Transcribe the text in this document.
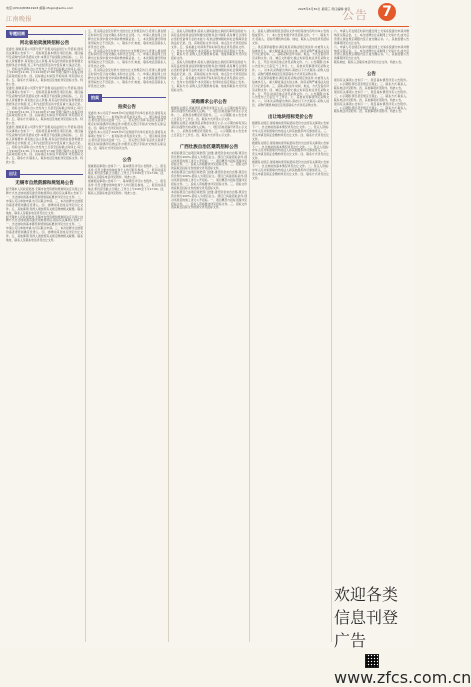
电话:(0510)83811903 邮箱:zfcgzx@sohu.com
江南晚报
2025年4月30日 星期三 责任编辑:刘宇
公告 7
专题招商
河北省拍卖流转招标公告
受委托,现就某某公司部分资产及相关权益进行公开招标,现将有关事项公告如下:一、招标项目基本情况:项目名称、项目编号及采购内容详见招标文件,本项目不接受联合体投标。二、投标人资格要求:具有独立法人资格,具有良好的商业信誉和健全的财务会计制度,近三年内在经营活动中没有重大违法记录。三、招标文件获取:自公告发布之日起至投标截止时间止,每日上午9:00至11:30,下午14:00至17:00(节假日除外),在指定地点获取招标文件。四、投标截止时间及开标时间:详见招标文件。五、联系方式:联系人、联系电话及地址详见招标文件。特此公告。
受委托,现就某某公司部分资产及相关权益进行公开招标,现将有关事项公告如下:一、招标项目基本情况:项目名称、项目编号及采购内容详见招标文件,本项目不接受联合体投标。二、投标人资格要求:具有独立法人资格,具有良好的商业信誉和健全的财务会计制度,近三年内在经营活动中没有重大违法记录。三、招标文件获取:自公告发布之日起至投标截止时间止,每日上午9:00至11:30,下午14:00至17:00(节假日除外),在指定地点获取招标文件。四、投标截止时间及开标时间:详见招标文件。五、联系方式:联系人、联系电话及地址详见招标文件。特此公告。
受委托,现就某某公司部分资产及相关权益进行公开招标,现将有关事项公告如下:一、招标项目基本情况:项目名称、项目编号及采购内容详见招标文件,本项目不接受联合体投标。二、投标人资格要求:具有独立法人资格,具有良好的商业信誉和健全的财务会计制度,近三年内在经营活动中没有重大违法记录。三、招标文件获取:自公告发布之日起至投标截止时间止,每日上午9:00至11:30,下午14:00至17:00(节假日除外),在指定地点获取招标文件。四、投标截止时间及开标时间:详见招标文件。五、联系方式:联系人、联系电话及地址详见招标文件。特此公告。
出让
无锡市自然资源和规划局公告
经无锡市人民政府批准,无锡市自然资源和规划局决定以网上挂牌方式出让地块国有建设用地使用权,现将有关事项公告如下:一、出让地块的基本情况和规划指标要求详见出让文件。二、申请人可以单独申请,也可以联合申请。三、本次挂牌出让按照价高者得原则确定竞得人。四、挂牌时间及地点详见出让文件。五、其他事项:竞得人须按照有关规定缴纳相关税费。联系地址、联系人及联系电话详见出让文件。
经无锡市人民政府批准,无锡市自然资源和规划局决定以网上挂牌方式出让地块国有建设用地使用权,现将有关事项公告如下:一、出让地块的基本情况和规划指标要求详见出让文件。二、申请人可以单独申请,也可以联合申请。三、本次挂牌出让按照价高者得原则确定竞得人。四、挂牌时间及地点详见出让文件。五、其他事项:竞得人须按照有关规定缴纳相关税费。联系地址、联系人及联系电话详见出让文件。
五、竞买保证金及付款方式按出让文件规定执行,竞得人须在规定时间内签订成交确认书和出让合同。六、申请人须在网上挂牌出让系统中提交申请并缴纳保证金。七、本次国有建设用地使用权出让不设底价。八、联系方式:地址、联系电话及联系人详见出让文件。
五、竞买保证金及付款方式按出让文件规定执行,竞得人须在规定时间内签订成交确认书和出让合同。六、申请人须在网上挂牌出让系统中提交申请并缴纳保证金。七、本次国有建设用地使用权出让不设底价。八、联系方式:地址、联系电话及联系人详见出让文件。
五、竞买保证金及付款方式按出让文件规定执行,竞得人须在规定时间内签订成交确认书和出让合同。六、申请人须在网上挂牌出让系统中提交申请并缴纳保证金。七、本次国有建设用地使用权出让不设底价。八、联系方式:地址、联系电话及联系人详见出让文件。
拍卖
拍卖公告
受委托,本公司定于2025年5月在网络平台举行拍卖会,现将有关事项公告如下:一、拍卖标的:详见拍卖文件。二、展示时间及地点:即日起至拍卖会前一日。三、竞买登记手续:有意竞买者请于规定时间前携带有效证件办理竞买登记手续并交纳竞买保证金。四、联系方式详见拍卖文件。
受委托,本公司定于2025年5月在网络平台举行拍卖会,现将有关事项公告如下:一、拍卖标的:详见拍卖文件。二、展示时间及地点:即日起至拍卖会前一日。三、竞买登记手续:有意竞买者请于规定时间前携带有效证件办理竞买登记手续并交纳竞买保证金。四、联系方式详见拍卖文件。
公告
现就相关事项公告如下:一、基本情况:详见公告附件。二、报名条件:凡符合要求的单位和个人均可报名参加。三、报名时间及地点:即日起至截止日期止,工作日上午9:00至下午17:00。四、联系人及联系电话详见附件。特此公告。
现就相关事项公告如下:一、基本情况:详见公告附件。二、报名条件:凡符合要求的单位和个人均可报名参加。三、报名时间及地点:即日起至截止日期止,工作日上午9:00至下午17:00。四、联系人及联系电话详见附件。特此公告。
三、投标人资格要求:投标人须具备独立承担民事责任的能力,具有良好的商业信誉和健全的财务会计制度,具有履行合同所必需的设备和专业技术能力,有依法缴纳税收和社会保障资金的良好记录。四、获取招标文件:时间、地点及方式详见招标文件。五、投标截止时间和开标时间及地点详见招标文件。六、发布公告的媒介:本次招标公告同时在指定网站上发布。七、联系方式:采购人及代理机构名称、地址和联系方式详见招标文件。
三、投标人资格要求:投标人须具备独立承担民事责任的能力,具有良好的商业信誉和健全的财务会计制度,具有履行合同所必需的设备和专业技术能力,有依法缴纳税收和社会保障资金的良好记录。四、获取招标文件:时间、地点及方式详见招标文件。五、投标截止时间和开标时间及地点详见招标文件。六、发布公告的媒介:本次招标公告同时在指定网站上发布。七、联系方式:采购人及代理机构名称、地址和联系方式详见招标文件。
采购需求公示公告
根据有关规定,现就项目采购需求进行公示,公示期内如有异议请以书面形式向采购人反映。一、项目名称及编号详见公示文件。二、采购需求概况详见附件。三、公示期限:自公告发布之日起五个工作日。四、联系方式详见公示文件。
根据有关规定,现就项目采购需求进行公示,公示期内如有异议请以书面形式向采购人反映。一、项目名称及编号详见公示文件。二、采购需求概况详见附件。三、公示期限:自公告发布之日起五个工作日。四、联系方式详见公示文件。
广西壮族自治区建筑招标公告
本招标项目已由项目审批部门批准,建设资金来自自筹,项目出资比例为100%,招标人为项目业主。项目已具备招标条件,现对该项目的施工进行公开招标。一、项目概况与招标范围详见招标文件。二、投标人资格要求详见招标文件。三、招标文件的获取及投标文件的递交详见招标文件。
本招标项目已由项目审批部门批准,建设资金来自自筹,项目出资比例为100%,招标人为项目业主。项目已具备招标条件,现对该项目的施工进行公开招标。一、项目概况与招标范围详见招标文件。二、投标人资格要求详见招标文件。三、招标文件的获取及投标文件的递交详见招标文件。
本招标项目已由项目审批部门批准,建设资金来自自筹,项目出资比例为100%,招标人为项目业主。项目已具备招标条件,现对该项目的施工进行公开招标。一、项目概况与招标范围详见招标文件。二、投标人资格要求详见招标文件。三、招标文件的获取及投标文件的递交详见招标文件。
九、投标人须知前附表及招标文件中的其他内容均为本公告的组成部分。十、本公告发布媒介详见招标文件。十一、联系方式:招标人、招标代理机构名称、地址、联系人及电话详见招标文件。
二、供应商资格要求:满足政府采购法规定的条件,未被列入失信被执行人、重大税收违法失信主体、政府采购严重违法失信行为记录名单。三、获取采购文件:时间、地点、方式及售价详见采购文件。四、响应文件提交:截止时间及地点详见采购文件。五、开启:时间及地点详见采购文件。六、公告期限:自本公告发布之日起五个工作日。七、其他补充事项详见采购文件。八、对本次采购提出询问,请按以下方式联系:采购人信息、采购代理机构信息及项目联系方式详见采购文件。
二、供应商资格要求:满足政府采购法规定的条件,未被列入失信被执行人、重大税收违法失信主体、政府采购严重违法失信行为记录名单。三、获取采购文件:时间、地点、方式及售价详见采购文件。四、响应文件提交:截止时间及地点详见采购文件。五、开启:时间及地点详见采购文件。六、公告期限:自本公告发布之日起五个工作日。七、其他补充事项详见采购文件。八、对本次采购提出询问,请按以下方式联系:采购人信息、采购代理机构信息及项目联系方式详见采购文件。
出让地块招标竞价公告
根据有关规定,现将地块使用权招标竞价出让的有关事项公告如下:一、出让地块的基本情况详见出让文件。二、竞买人资格:中华人民共和国境内外的法人和其他组织均可参加竞买。三、竞买申请及保证金缴纳详见出让文件。四、联系方式详见出让文件。
根据有关规定,现将地块使用权招标竞价出让的有关事项公告如下:一、出让地块的基本情况详见出让文件。二、竞买人资格:中华人民共和国境内外的法人和其他组织均可参加竞买。三、竞买申请及保证金缴纳详见出让文件。四、联系方式详见出让文件。
根据有关规定,现将地块使用权招标竞价出让的有关事项公告如下:一、出让地块的基本情况详见出让文件。二、竞买人资格:中华人民共和国境内外的法人和其他组织均可参加竞买。三、竞买申请及保证金缴纳详见出让文件。四、联系方式详见出让文件。
六、申请人可在规定时间内通过网上交易系统提交申请并缴纳竞买保证金。七、本次挂牌出让采取网上交易方式,成交后竞得人须在规定期限内签订成交确认书。八、其他需要公告的事项详见出让文件。
六、申请人可在规定时间内通过网上交易系统提交申请并缴纳竞买保证金。七、本次挂牌出让采取网上交易方式,成交后竞得人须在规定期限内签订成交确认书。八、其他需要公告的事项详见出让文件。
联系地址、联系人及联系电话详见出让文件。特此公告。
公告
现将有关事项公告如下:一、项目基本情况详见公告附件。二、公示期限:即日起至规定日期止。三、联系方式:联系人、联系电话详见附件。四、其他事项详见附件。特此公告。
现将有关事项公告如下:一、项目基本情况详见公告附件。二、公示期限:即日起至规定日期止。三、联系方式:联系人、联系电话详见附件。四、其他事项详见附件。特此公告。
现将有关事项公告如下:一、项目基本情况详见公告附件。二、公示期限:即日起至规定日期止。三、联系方式:联系人、联系电话详见附件。四、其他事项详见附件。特此公告。
欢迎各类信息刊登广告
www.zfcs.com.cn
